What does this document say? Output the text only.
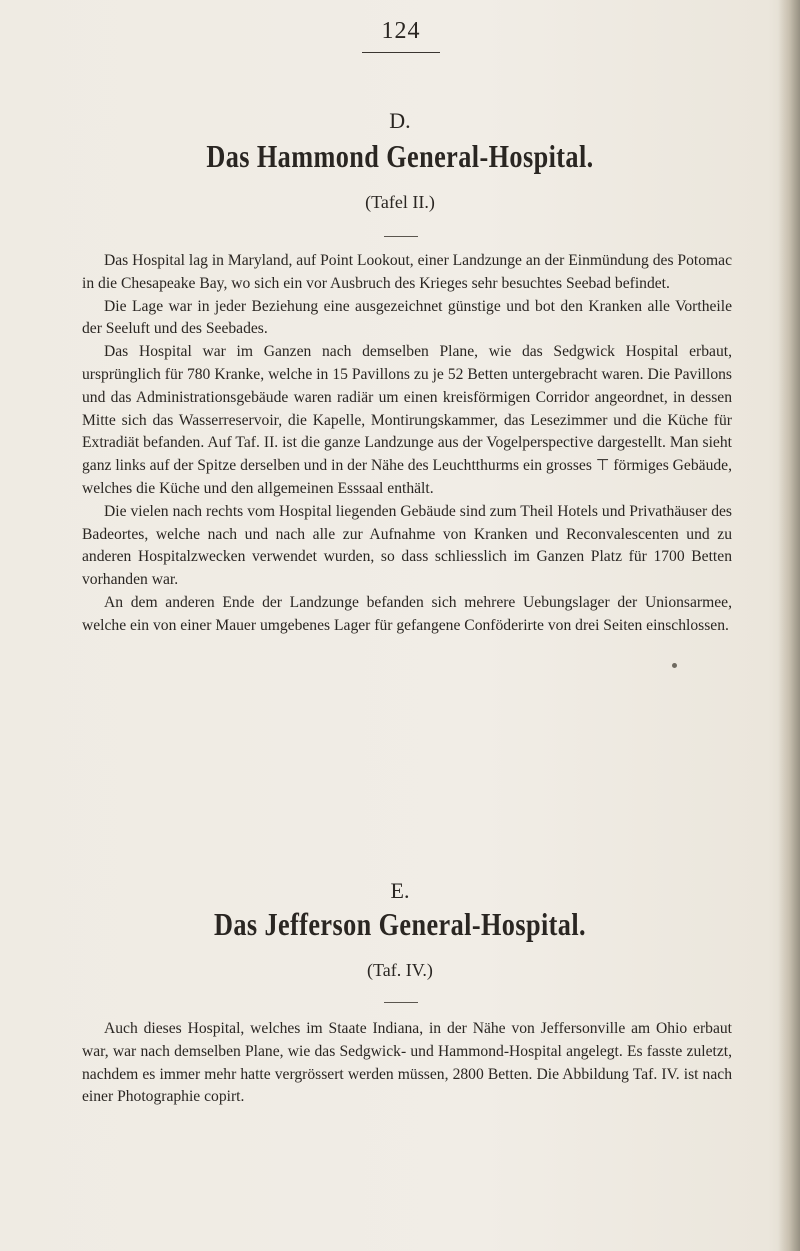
124
D.
Das Hammond General-Hospital.
(Tafel II.)

Das Hospital lag in Maryland, auf Point Lookout, einer Landzunge an der Einmündung des Potomac in die Chesapeake Bay, wo sich ein vor Ausbruch des Krieges sehr besuchtes Seebad befindet.

Die Lage war in jeder Beziehung eine ausgezeichnet günstige und bot den Kranken alle Vortheile der Seeluft und des Seebades.

Das Hospital war im Ganzen nach demselben Plane, wie das Sedgwick Hospital erbaut, ursprünglich für 780 Kranke, welche in 15 Pavillons zu je 52 Betten untergebracht waren. Die Pavillons und das Administrationsgebäude waren radiär um einen kreisförmigen Corridor angeordnet, in dessen Mitte sich das Wasserreservoir, die Kapelle, Montirungskammer, das Lesezimmer und die Küche für Extradiät befanden. Auf Taf. II. ist die ganze Landzunge aus der Vogelperspective dargestellt. Man sieht ganz links auf der Spitze derselben und in der Nähe des Leuchtthurms ein grosses ⊤ förmiges Gebäude, welches die Küche und den allgemeinen Esssaal enthält.

Die vielen nach rechts vom Hospital liegenden Gebäude sind zum Theil Hotels und Privathäuser des Badeortes, welche nach und nach alle zur Aufnahme von Kranken und Reconvalescenten und zu anderen Hospitalzwecken verwendet wurden, so dass schliesslich im Ganzen Platz für 1700 Betten vorhanden war.

An dem anderen Ende der Landzunge befanden sich mehrere Uebungslager der Unionsarmee, welche ein von einer Mauer umgebenes Lager für gefangene Conföderirte von drei Seiten einschlossen.

E.
Das Jefferson General-Hospital.
(Taf. IV.)

Auch dieses Hospital, welches im Staate Indiana, in der Nähe von Jeffersonville am Ohio erbaut war, war nach demselben Plane, wie das Sedgwick- und Hammond-Hospital angelegt. Es fasste zuletzt, nachdem es immer mehr hatte vergrössert werden müssen, 2800 Betten. Die Abbildung Taf. IV. ist nach einer Photographie copirt.
